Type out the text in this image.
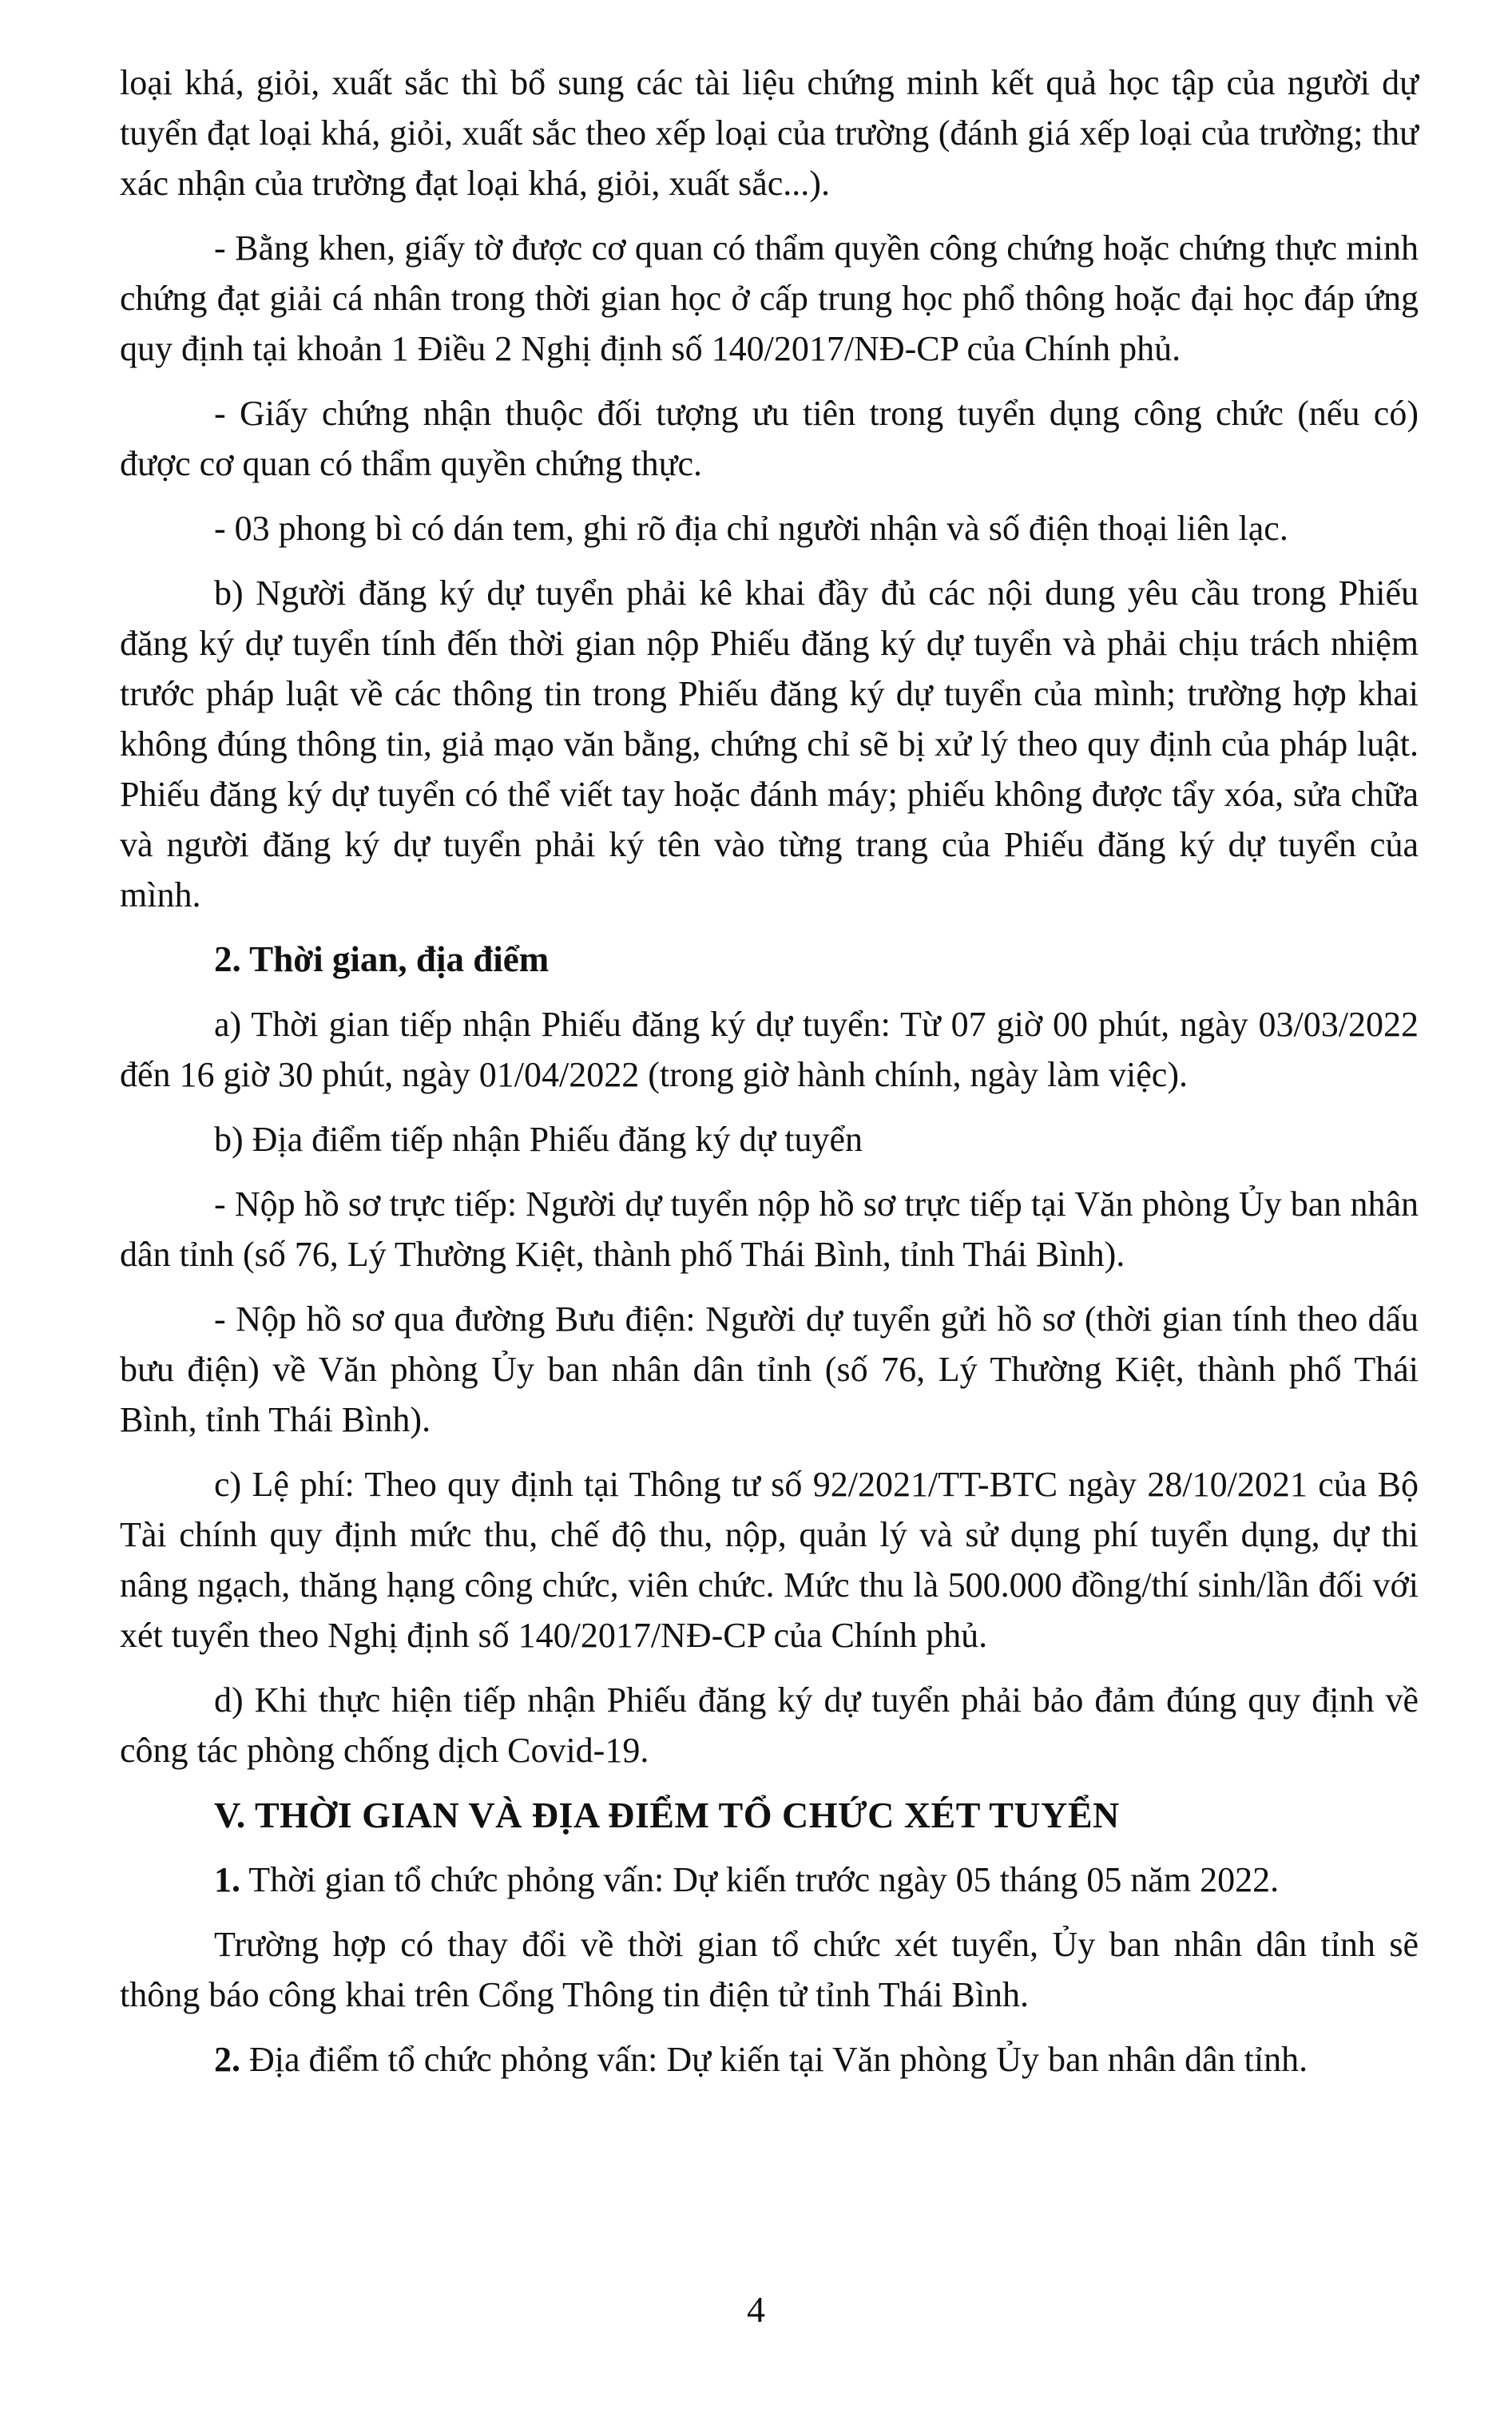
loại khá, giỏi, xuất sắc thì bổ sung các tài liệu chứng minh kết quả học tập của người dự tuyển đạt loại khá, giỏi, xuất sắc theo xếp loại của trường (đánh giá xếp loại của trường; thư xác nhận của trường đạt loại khá, giỏi, xuất sắc...).

- Bằng khen, giấy tờ được cơ quan có thẩm quyền công chứng hoặc chứng thực minh chứng đạt giải cá nhân trong thời gian học ở cấp trung học phổ thông hoặc đại học đáp ứng quy định tại khoản 1 Điều 2 Nghị định số 140/2017/NĐ-CP của Chính phủ.

- Giấy chứng nhận thuộc đối tượng ưu tiên trong tuyển dụng công chức (nếu có) được cơ quan có thẩm quyền chứng thực.

- 03 phong bì có dán tem, ghi rõ địa chỉ người nhận và số điện thoại liên lạc.

b) Người đăng ký dự tuyển phải kê khai đầy đủ các nội dung yêu cầu trong Phiếu đăng ký dự tuyển tính đến thời gian nộp Phiếu đăng ký dự tuyển và phải chịu trách nhiệm trước pháp luật về các thông tin trong Phiếu đăng ký dự tuyển của mình; trường hợp khai không đúng thông tin, giả mạo văn bằng, chứng chỉ sẽ bị xử lý theo quy định của pháp luật. Phiếu đăng ký dự tuyển có thể viết tay hoặc đánh máy; phiếu không được tẩy xóa, sửa chữa và người đăng ký dự tuyển phải ký tên vào từng trang của Phiếu đăng ký dự tuyển của mình.

2. Thời gian, địa điểm

a) Thời gian tiếp nhận Phiếu đăng ký dự tuyển: Từ 07 giờ 00 phút, ngày 03/03/2022 đến 16 giờ 30 phút, ngày 01/04/2022 (trong giờ hành chính, ngày làm việc).

b) Địa điểm tiếp nhận Phiếu đăng ký dự tuyển

- Nộp hồ sơ trực tiếp: Người dự tuyển nộp hồ sơ trực tiếp tại Văn phòng Ủy ban nhân dân tỉnh (số 76, Lý Thường Kiệt, thành phố Thái Bình, tỉnh Thái Bình).

- Nộp hồ sơ qua đường Bưu điện: Người dự tuyển gửi hồ sơ (thời gian tính theo dấu bưu điện) về Văn phòng Ủy ban nhân dân tỉnh (số 76, Lý Thường Kiệt, thành phố Thái Bình, tỉnh Thái Bình).

c) Lệ phí: Theo quy định tại Thông tư số 92/2021/TT-BTC ngày 28/10/2021 của Bộ Tài chính quy định mức thu, chế độ thu, nộp, quản lý và sử dụng phí tuyển dụng, dự thi nâng ngạch, thăng hạng công chức, viên chức. Mức thu là 500.000 đồng/thí sinh/lần đối với xét tuyển theo Nghị định số 140/2017/NĐ-CP của Chính phủ.

d) Khi thực hiện tiếp nhận Phiếu đăng ký dự tuyển phải bảo đảm đúng quy định về công tác phòng chống dịch Covid-19.

V. THỜI GIAN VÀ ĐỊA ĐIỂM TỔ CHỨC XÉT TUYỂN

1. Thời gian tổ chức phỏng vấn: Dự kiến trước ngày 05 tháng 05 năm 2022.

Trường hợp có thay đổi về thời gian tổ chức xét tuyển, Ủy ban nhân dân tỉnh sẽ thông báo công khai trên Cổng Thông tin điện tử tỉnh Thái Bình.

2. Địa điểm tổ chức phỏng vấn: Dự kiến tại Văn phòng Ủy ban nhân dân tỉnh.

4
